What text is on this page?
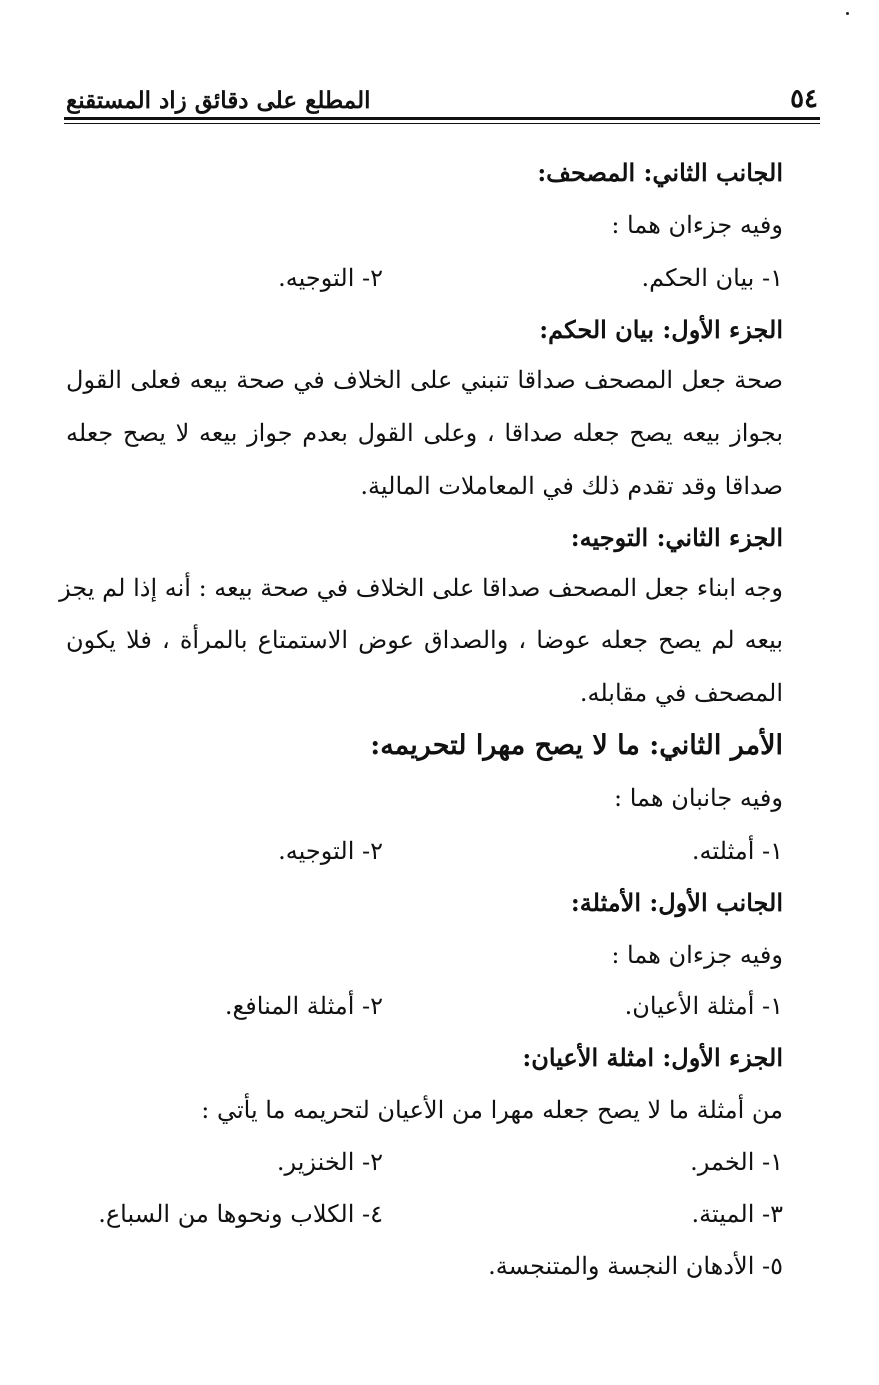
٥٤
المطلع على دقائق زاد المستقنع
الجانب الثاني: المصحف:
وفيه جزءان هما :
١- بيان الحكم.
٢- التوجيه.
الجزء الأول: بيان الحكم:
صحة جعل المصحف صداقا تنبني على الخلاف في صحة بيعه فعلى القول
بجواز بيعه يصح جعله صداقا ، وعلى القول بعدم جواز بيعه لا يصح جعله
صداقا وقد تقدم ذلك في المعاملات المالية.
الجزء الثاني: التوجيه:
وجه ابناء جعل المصحف صداقا على الخلاف في صحة بيعه : أنه إذا لم يجز
بيعه لم يصح جعله عوضا ، والصداق عوض الاستمتاع بالمرأة ، فلا يكون
المصحف في مقابله.
الأمر الثاني: ما لا يصح مهرا لتحريمه:
وفيه جانبان هما :
١- أمثلته.
٢- التوجيه.
الجانب الأول: الأمثلة:
وفيه جزءان هما :
١- أمثلة الأعيان.
٢- أمثلة المنافع.
الجزء الأول: امثلة الأعيان:
من أمثلة ما لا يصح جعله مهرا من الأعيان لتحريمه ما يأتي :
١- الخمر.
٢- الخنزير.
٣- الميتة.
٤- الكلاب ونحوها من السباع.
٥- الأدهان النجسة والمتنجسة.
